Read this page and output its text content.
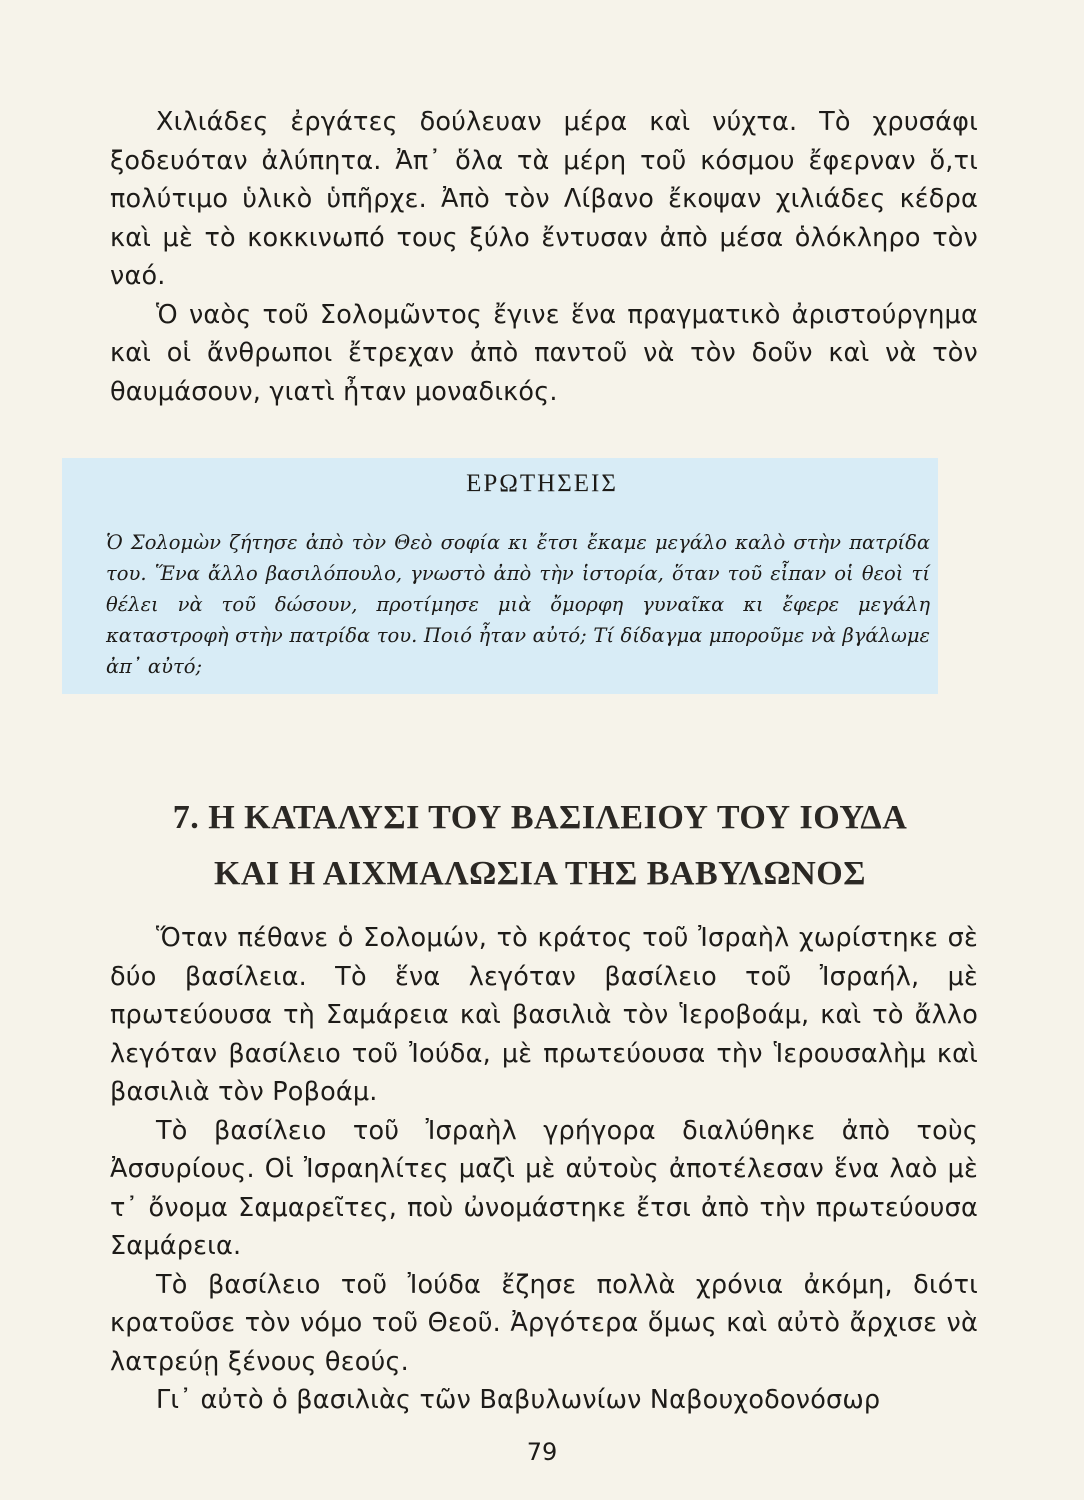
Χιλιάδες ἐργάτες δούλευαν μέρα καὶ νύχτα. Τὸ χρυσάφι ξοδευόταν ἀλύπητα. Ἀπ᾽ ὅλα τὰ μέρη τοῦ κόσμου ἔφερναν ὅ,τι πολύτιμο ὑλικὸ ὑπῆρχε. Ἀπὸ τὸν Λίβανο ἔκοψαν χιλιάδες κέδρα καὶ μὲ τὸ κοκκινωπό τους ξύλο ἔντυσαν ἀπὸ μέσα ὁλόκληρο τὸν ναό.

Ὁ ναὸς τοῦ Σολομῶντος ἔγινε ἕνα πραγματικὸ ἀριστούργημα καὶ οἱ ἄνθρωποι ἔτρεχαν ἀπὸ παντοῦ νὰ τὸν δοῦν καὶ νὰ τὸν θαυμάσουν, γιατὶ ἦταν μοναδικός.

ΕΡΩΤΗΣΕΙΣ

Ὁ Σολομὼν ζήτησε ἀπὸ τὸν Θεὸ σοφία κι ἔτσι ἔκαμε μεγάλο καλὸ στὴν πατρίδα του. Ἕνα ἄλλο βασιλόπουλο, γνωστὸ ἀπὸ τὴν ἱστορία, ὅταν τοῦ εἶπαν οἱ θεοὶ τί θέλει νὰ τοῦ δώσουν, προτίμησε μιὰ ὄμορφη γυναῖκα κι ἔφερε μεγάλη καταστροφὴ στὴν πατρίδα του. Ποιό ἦταν αὐτό; Τί δίδαγμα μποροῦμε νὰ βγάλωμε ἀπ᾽ αὐτό;

7. Η ΚΑΤΑΛΥΣΙ ΤΟΥ ΒΑΣΙΛΕΙΟΥ ΤΟΥ ΙΟΥΔΑ
ΚΑΙ Η ΑΙΧΜΑΛΩΣΙΑ ΤΗΣ ΒΑΒΥΛΩΝΟΣ

Ὅταν πέθανε ὁ Σολομών, τὸ κράτος τοῦ Ἰσραὴλ χωρίστηκε σὲ δύο βασίλεια. Τὸ ἕνα λεγόταν βασίλειο τοῦ Ἰσραήλ, μὲ πρωτεύουσα τὴ Σαμάρεια καὶ βασιλιὰ τὸν Ἱεροβοάμ, καὶ τὸ ἄλλο λεγόταν βασίλειο τοῦ Ἰούδα, μὲ πρωτεύουσα τὴν Ἱερουσαλὴμ καὶ βασιλιὰ τὸν Ροβοάμ.

Τὸ βασίλειο τοῦ Ἰσραὴλ γρήγορα διαλύθηκε ἀπὸ τοὺς Ἀσσυρίους. Οἱ Ἰσραηλίτες μαζὶ μὲ αὐτοὺς ἀποτέλεσαν ἕνα λαὸ μὲ τ᾽ ὄνομα Σαμαρεῖτες, ποὺ ὠνομάστηκε ἔτσι ἀπὸ τὴν πρωτεύουσα Σαμάρεια.

Τὸ βασίλειο τοῦ Ἰούδα ἔζησε πολλὰ χρόνια ἀκόμη, διότι κρατοῦσε τὸν νόμο τοῦ Θεοῦ. Ἀργότερα ὅμως καὶ αὐτὸ ἄρχισε νὰ λατρεύῃ ξένους θεούς.

Γι᾽ αὐτὸ ὁ βασιλιὰς τῶν Βαβυλωνίων Ναβουχοδονόσωρ

79
